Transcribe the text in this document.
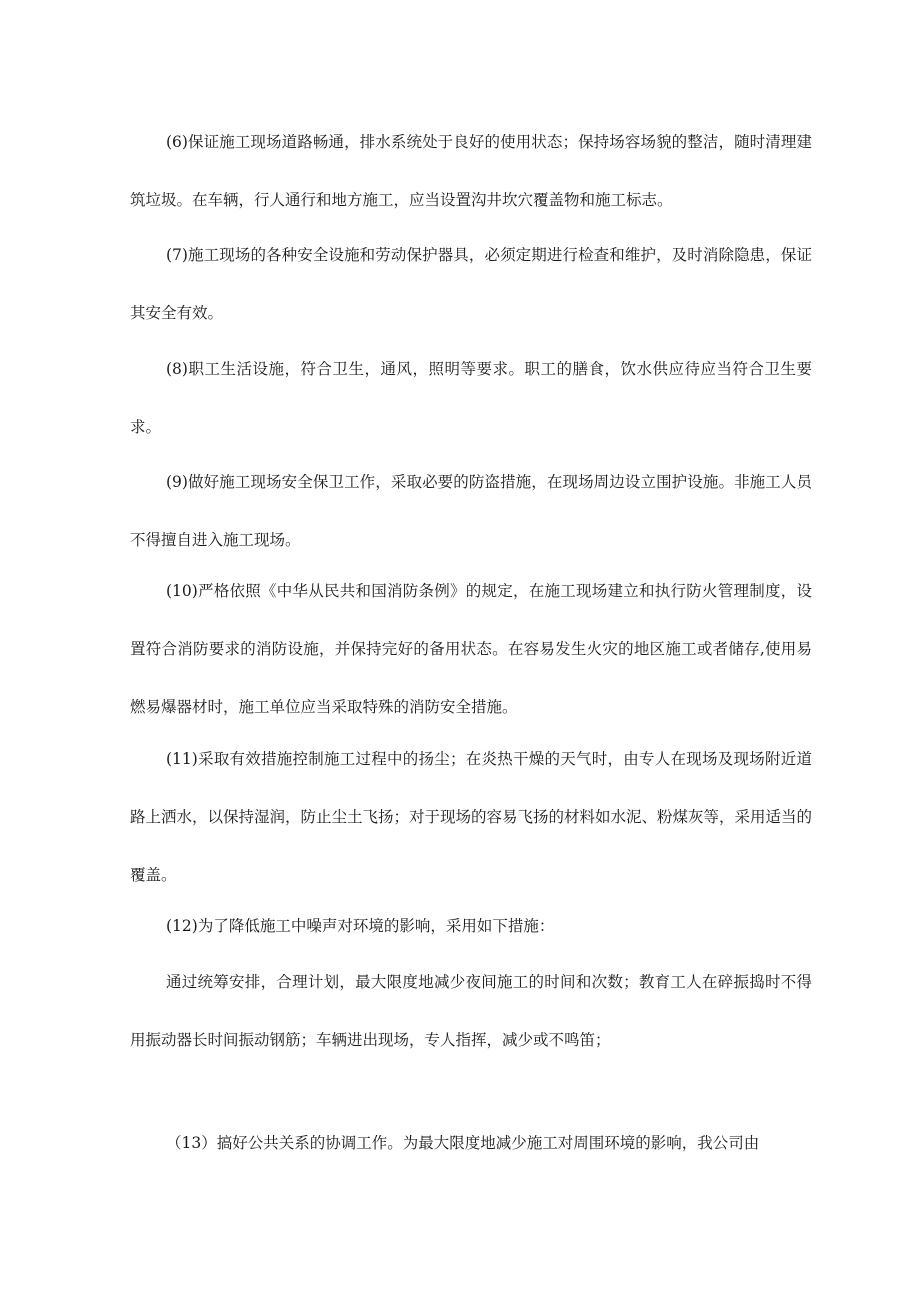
(6)保证施工现场道路畅通，排水系统处于良好的使用状态；保持场容场貌的整洁，随时清理建筑垃圾。在车辆，行人通行和地方施工，应当设置沟井坎穴覆盖物和施工标志。

(7)施工现场的各种安全设施和劳动保护器具，必须定期进行检查和维护，及时消除隐患，保证其安全有效。

(8)职工生活设施，符合卫生，通风，照明等要求。职工的膳食，饮水供应待应当符合卫生要求。

(9)做好施工现场安全保卫工作，采取必要的防盗措施，在现场周边设立围护设施。非施工人员不得擅自进入施工现场。

(10)严格依照《中华从民共和国消防条例》的规定，在施工现场建立和执行防火管理制度，设置符合消防要求的消防设施，并保持完好的备用状态。在容易发生火灾的地区施工或者储存,使用易燃易爆器材时，施工单位应当采取特殊的消防安全措施。

(11)采取有效措施控制施工过程中的扬尘；在炎热干燥的天气时，由专人在现场及现场附近道路上洒水，以保持湿润，防止尘土飞扬；对于现场的容易飞扬的材料如水泥、粉煤灰等，采用适当的覆盖。

(12)为了降低施工中噪声对环境的影响，采用如下措施：

通过统筹安排，合理计划，最大限度地减少夜间施工的时间和次数；教育工人在碎振捣时不得用振动器长时间振动钢筋；车辆进出现场，专人指挥，减少或不鸣笛；

（13）搞好公共关系的协调工作。为最大限度地减少施工对周围环境的影响，我公司由
